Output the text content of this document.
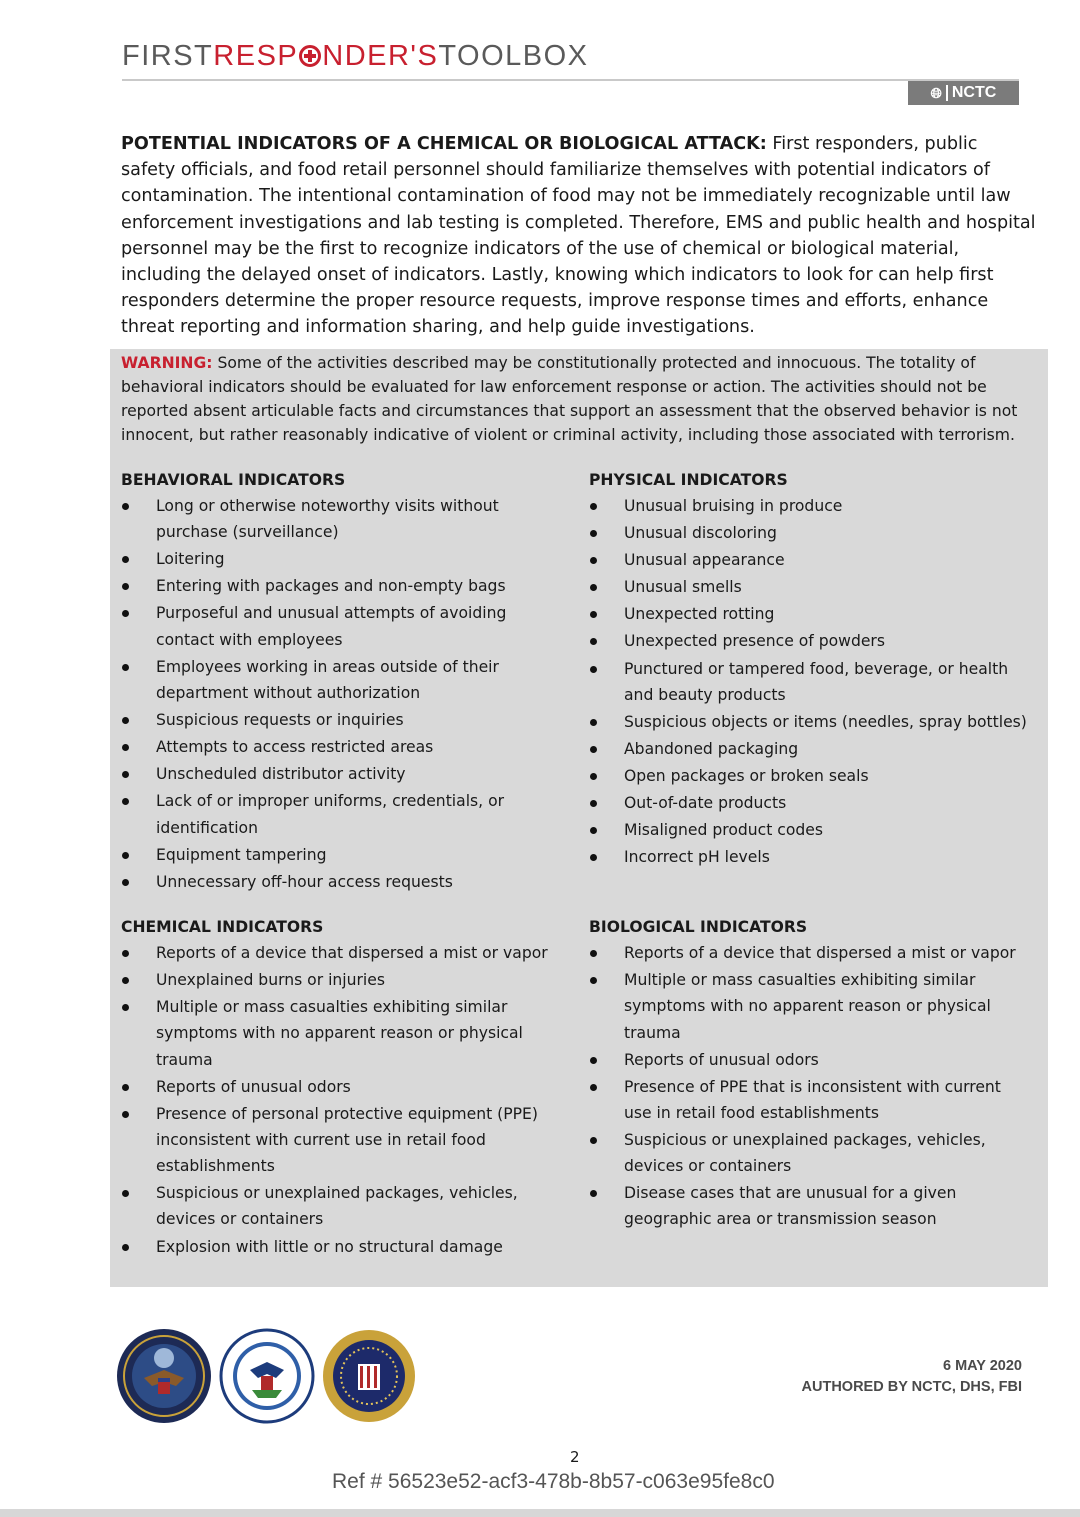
FIRSTRESP NDER'STOOLBOX
🌐︎ NCTC

POTENTIAL INDICATORS OF A CHEMICAL OR BIOLOGICAL ATTACK: First responders, public safety officials, and food retail personnel should familiarize themselves with potential indicators of contamination. The intentional contamination of food may not be immediately recognizable until law enforcement investigations and lab testing is completed. Therefore, EMS and public health and hospital personnel may be the first to recognize indicators of the use of chemical or biological material, including the delayed onset of indicators. Lastly, knowing which indicators to look for can help first responders determine the proper resource requests, improve response times and efforts, enhance threat reporting and information sharing, and help guide investigations.

WARNING: Some of the activities described may be constitutionally protected and innocuous. The totality of behavioral indicators should be evaluated for law enforcement response or action. The activities should not be reported absent articulable facts and circumstances that support an assessment that the observed behavior is not innocent, but rather reasonably indicative of violent or criminal activity, including those associated with terrorism.

BEHAVIORAL INDICATORS
Long or otherwise noteworthy visits without purchase (surveillance)
Loitering
Entering with packages and non-empty bags
Purposeful and unusual attempts of avoiding contact with employees
Employees working in areas outside of their department without authorization
Suspicious requests or inquiries
Attempts to access restricted areas
Unscheduled distributor activity
Lack of or improper uniforms, credentials, or identification
Equipment tampering
Unnecessary off-hour access requests
PHYSICAL INDICATORS
Unusual bruising in produce
Unusual discoloring
Unusual appearance
Unusual smells
Unexpected rotting
Unexpected presence of powders
Punctured or tampered food, beverage, or health and beauty products
Suspicious objects or items (needles, spray bottles)
Abandoned packaging
Open packages or broken seals
Out-of-date products
Misaligned product codes
Incorrect pH levels
CHEMICAL INDICATORS
Reports of a device that dispersed a mist or vapor
Unexplained burns or injuries
Multiple or mass casualties exhibiting similar symptoms with no apparent reason or physical trauma
Reports of unusual odors
Presence of personal protective equipment (PPE) inconsistent with current use in retail food establishments
Suspicious or unexplained packages, vehicles, devices or containers
Explosion with little or no structural damage
BIOLOGICAL INDICATORS
Reports of a device that dispersed a mist or vapor
Multiple or mass casualties exhibiting similar symptoms with no apparent reason or physical trauma
Reports of unusual odors
Presence of PPE that is inconsistent with current use in retail food establishments
Suspicious or unexplained packages, vehicles, devices or containers
Disease cases that are unusual for a given geographic area or transmission season
6 MAY 2020
AUTHORED BY NCTC, DHS, FBI
2
Ref # 56523e52-acf3-478b-8b57-c063e95fe8c0
